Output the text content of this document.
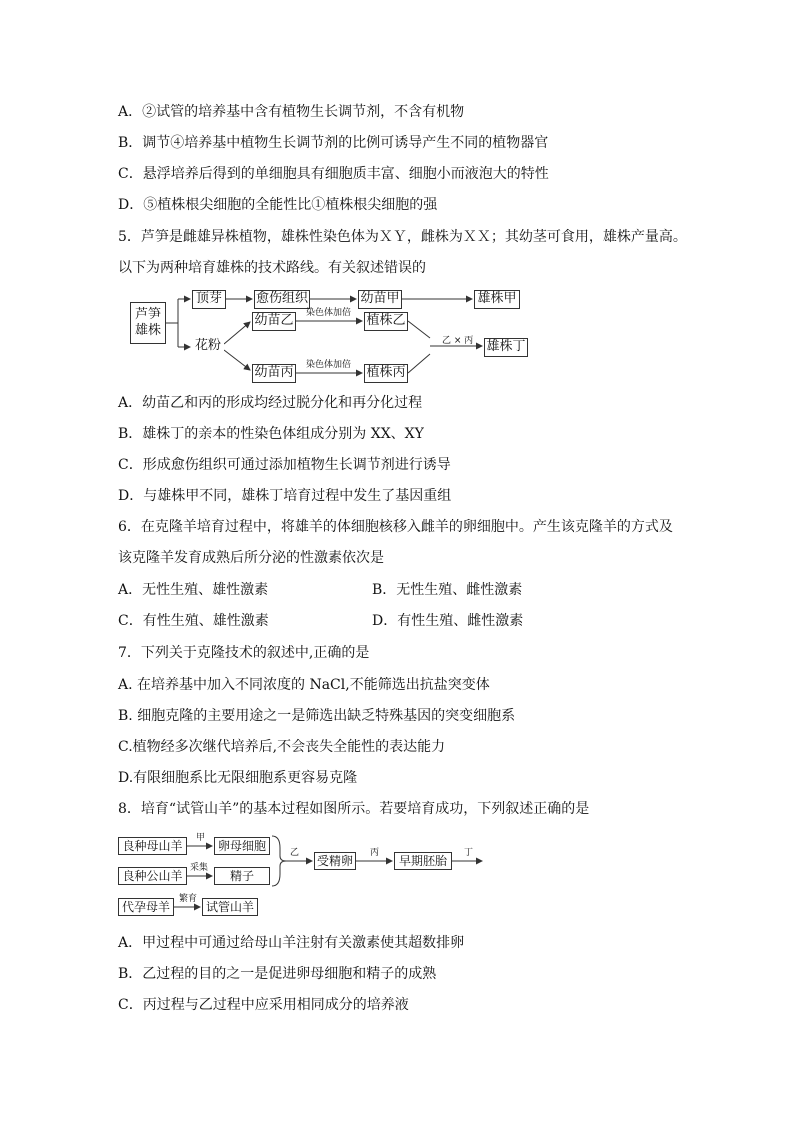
A．②试管的培养基中含有植物生长调节剂，不含有机物
B．调节④培养基中植物生长调节剂的比例可诱导产生不同的植物器官
C．悬浮培养后得到的单细胞具有细胞质丰富、细胞小而液泡大的特性
D．⑤植株根尖细胞的全能性比①植株根尖细胞的强
5．芦笋是雌雄异株植物，雄株性染色体为ＸＹ，雌株为ＸＸ；其幼茎可食用，雄株产量高。
以下为两种培育雄株的技术路线。有关叙述错误的
芦笋
雄株
顶芽	愈伤组织	幼苗甲	雄株甲
花粉
幼苗乙 染色体加倍 植株乙
乙 × 丙 雄株丁
幼苗丙 染色体加倍 植株丙
A．幼苗乙和丙的形成均经过脱分化和再分化过程
B．雄株丁的亲本的性染色体组成分别为 XX、XY
C．形成愈伤组织可通过添加植物生长调节剂进行诱导
D．与雄株甲不同，雄株丁培育过程中发生了基因重组
6．在克隆羊培育过程中，将雄羊的体细胞核移入雌羊的卵细胞中。产生该克隆羊的方式及
该克隆羊发育成熟后所分泌的性激素依次是
A．无性生殖、雄性激素	B．无性生殖、雌性激素
C．有性生殖、雄性激素	D．有性生殖、雌性激素
7．下列关于克隆技术的叙述中,正确的是
A. 在培养基中加入不同浓度的 NaCl,不能筛选出抗盐突变体
B. 细胞克隆的主要用途之一是筛选出缺乏特殊基因的突变细胞系
C.植物经多次继代培养后,不会丧失全能性的表达能力
D.有限细胞系比无限细胞系更容易克隆
8．培育“试管山羊”的基本过程如图所示。若要培育成功，下列叙述正确的是
良种母山羊
甲
卵母细胞
良种公山羊
采集
精子
乙
受精卵
丙
早期胚胎
丁
代孕母羊
繁育
试管山羊
A．甲过程中可通过给母山羊注射有关激素使其超数排卵
B．乙过程的目的之一是促进卵母细胞和精子的成熟
C．丙过程与乙过程中应采用相同成分的培养液
